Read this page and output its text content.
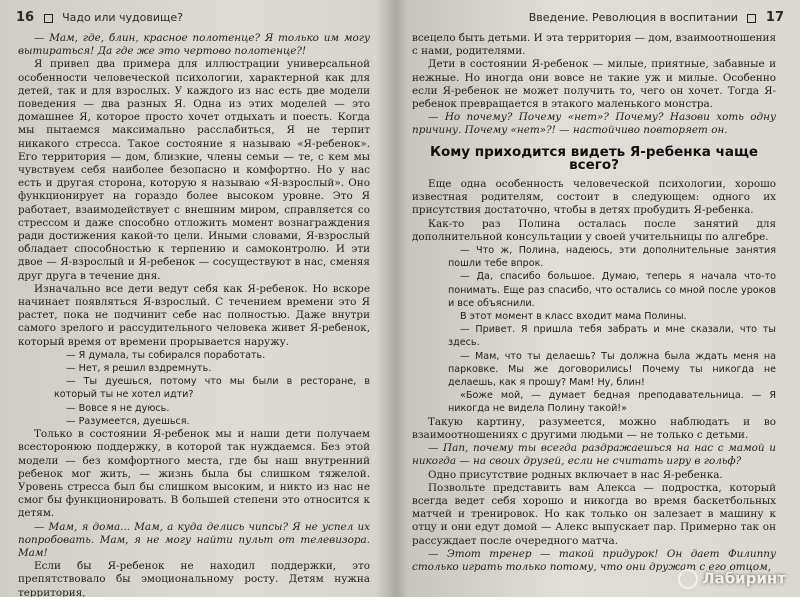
16	Чадо или чудовище?
— Мам, где, блин, красное полотенце? Я только им могу вытираться! Да где же это чертово полотенце?!
Я привел два примера для иллюстрации универсальной особенности человеческой психологии, характерной как для детей, так и для взрослых. У каждого из нас есть две модели поведения — два разных Я. Одна из этих моделей — это домашнее Я, которое просто хочет отдыхать и поесть. Когда мы пытаемся максимально расслабиться, Я не терпит никакого стресса. Такое состояние я называю «Я-ребенок». Его территория — дом, близкие, члены семьи — те, с кем мы чувствуем себя наиболее безопасно и комфортно. Но у нас есть и другая сторона, которую я называю «Я-взрослый». Оно функционирует на гораздо более высоком уровне. Это Я работает, взаимодействует с внешним миром, справляется со стрессом и даже способно отложить момент вознаграждения ради достижения какой-то цели. Иными словами, Я-взрослый обладает способностью к терпению и самоконтролю. И эти двое — Я-взрослый и Я-ребенок — сосуществуют в нас, сменяя друг друга в течение дня.
Изначально все дети ведут себя как Я-ребенок. Но вскоре начинает появляться Я-взрослый. С течением времени это Я растет, пока не подчинит себе нас полностью. Даже внутри самого зрелого и рассудительного человека живет Я-ребенок, который время от времени прорывается наружу.
— Я думала, ты собирался поработать.
— Нет, я решил вздремнуть.
— Ты дуешься, потому что мы были в ресторане, в который ты не хотел идти?
— Вовсе я не дуюсь.
— Разумеется, дуешься.
Только в состоянии Я-ребенок мы и наши дети получаем всесторонюю поддержку, в которой так нуждаемся. Без этой модели — без комфортного места, где бы наш внутренний ребенок мог жить, — жизнь была бы слишком тяжелой. Уровень стресса был бы слишком высоким, и никто из нас не смог бы функционировать. В большей степени это относится к детям.
— Мам, я дома... Мам, а куда делись чипсы? Я не успел их попробовать. Мам, я не могу найти пульт от телевизора. Мам!
Если бы Я-ребенок не находил поддержки, это препятствовало бы эмоциональному росту. Детям нужна территория,
Введение. Революция в воспитании 17
всецело быть детьми. И эта территория — дом, взаимоотношения с нами, родителями.
Дети в состоянии Я-ребенок — милые, приятные, забавные и нежные. Но иногда они вовсе не такие уж и милые. Особенно если Я-ребенок не может получить то, чего он хочет. Тогда Я-ребенок превращается в этакого маленького монстра.
— Но почему? Почему «нет»? Почему? Назови хоть одну причину. Почему «нет»?! — настойчиво повторяет он.
Кому приходится видеть Я-ребенка чаще всего?
Еще одна особенность человеческой психологии, хорошо известная родителям, состоит в следующем: одного их присутствия достаточно, чтобы в детях пробудить Я-ребенка.
Как-то раз Полина осталась после занятий для дополнительной консультации у своей учительницы по алгебре.
— Что ж, Полина, надеюсь, эти дополнительные занятия пошли тебе впрок.
— Да, спасибо большое. Думаю, теперь я начала что-то понимать. Еще раз спасибо, что остались со мной после уроков и все объяснили.
В этот момент в класс входит мама Полины.
— Привет. Я пришла тебя забрать и мне сказали, что ты здесь.
— Мам, что ты делаешь? Ты должна была ждать меня на парковке. Мы же договорились! Почему ты никогда не делаешь, как я прошу? Мам! Ну, блин!
«Боже мой, — думает бедная преподавательница. — Я никогда не видела Полину такой!»
Такую картину, разумеется, можно наблюдать и во взаимоотношениях с другими людьми — не только с детьми.
— Пап, почему ты всегда раздражаешься на нас с мамой и никогда — на своих друзей, если не считать игру в гольф?
Одно присутствие родных включает в нас Я-ребенка.
Позвольте представить вам Алекса — подростка, который всегда ведет себя хорошо и никогда во время баскетбольных матчей и тренировок. Но как только он залезает в машину к отцу и они едут домой — Алекс выпускает пар. Примерно так он рассуждает после очередного матча.
— Этот тренер — такой придурок! Он дает Филиппу столько играть только потому, что они дружат с его отцом,
Лабиринт
